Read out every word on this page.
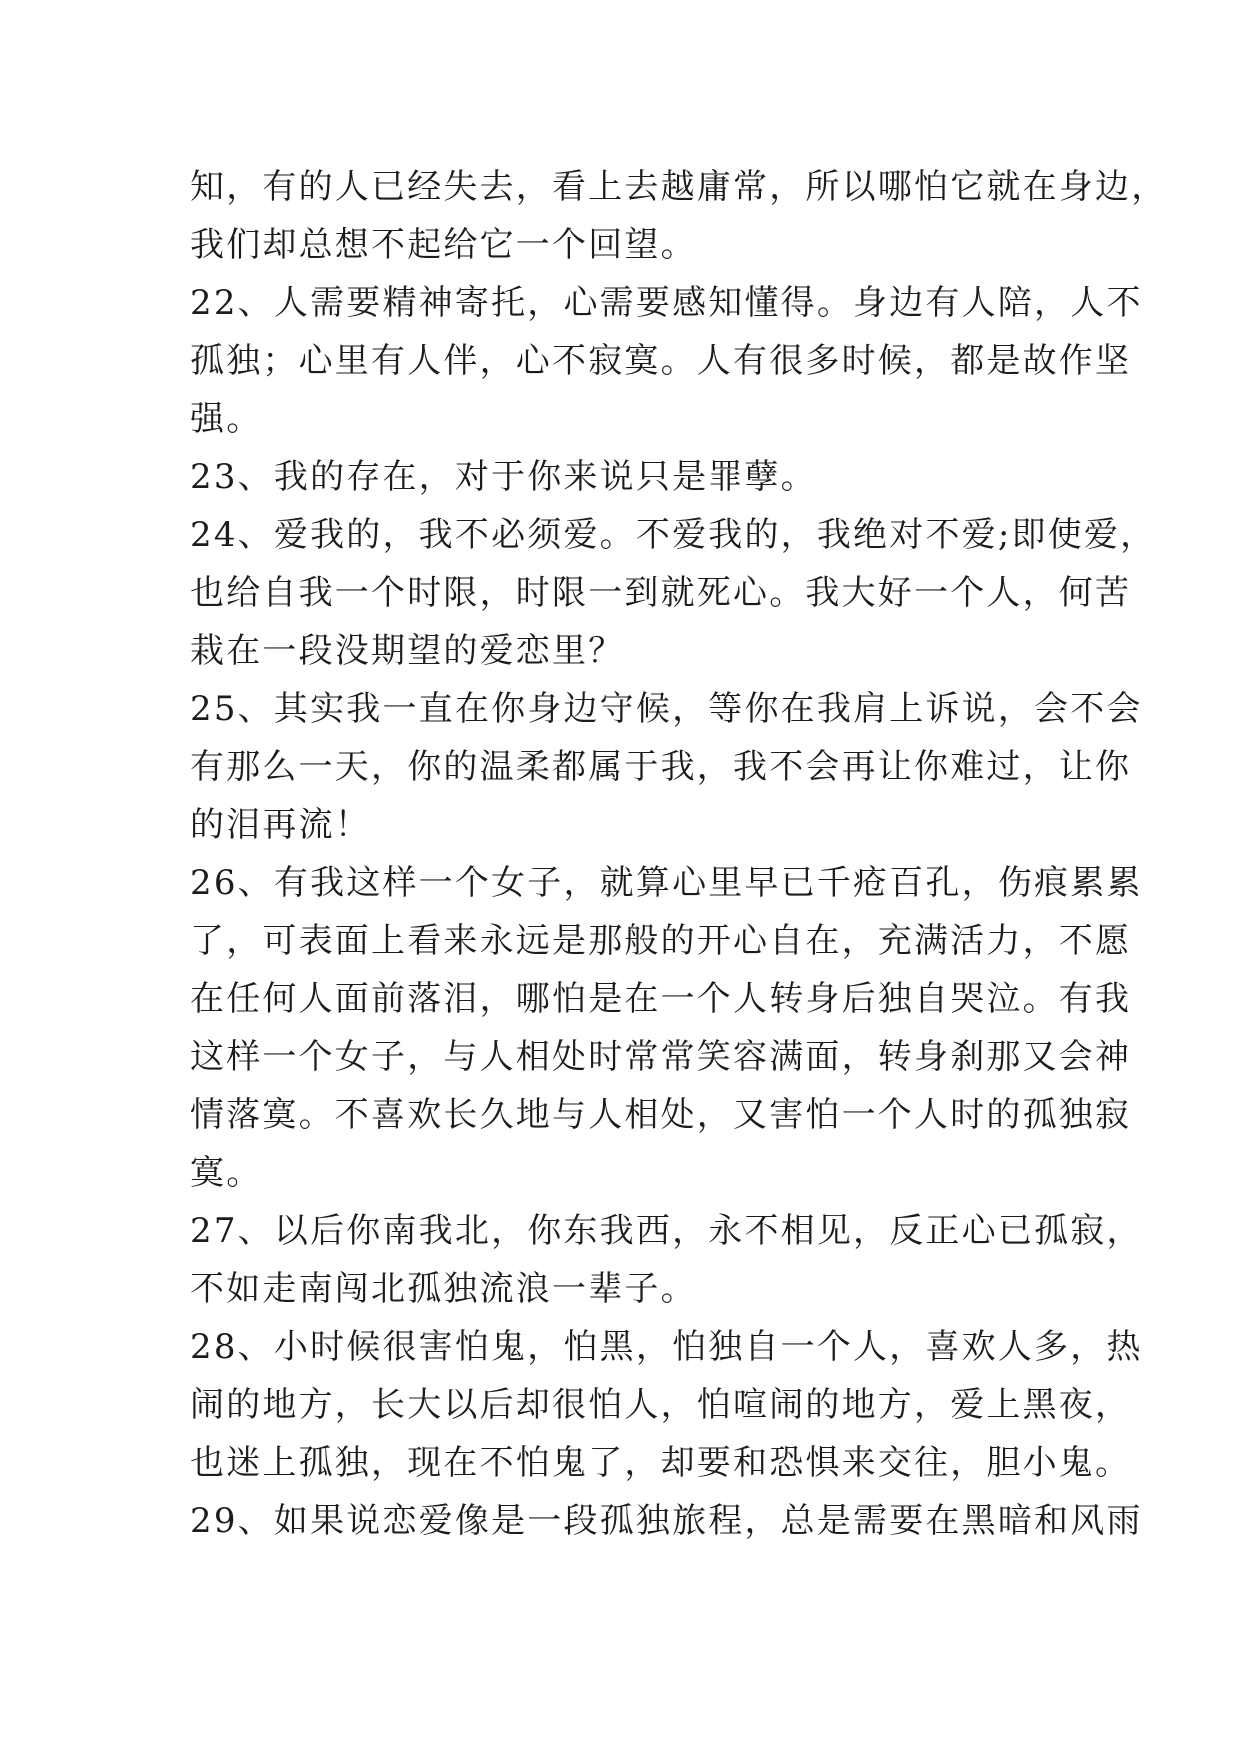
知，有的人已经失去，看上去越庸常，所以哪怕它就在身边，
我们却总想不起给它一个回望。
22、人需要精神寄托，心需要感知懂得。身边有人陪，人不
孤独；心里有人伴，心不寂寞。人有很多时候，都是故作坚
强。
23、我的存在，对于你来说只是罪孽。
24、爱我的，我不必须爱。不爱我的，我绝对不爱;即使爱，
也给自我一个时限，时限一到就死心。我大好一个人，何苦
栽在一段没期望的爱恋里？
25、其实我一直在你身边守候，等你在我肩上诉说，会不会
有那么一天，你的温柔都属于我，我不会再让你难过，让你
的泪再流！
26、有我这样一个女子，就算心里早已千疮百孔，伤痕累累
了，可表面上看来永远是那般的开心自在，充满活力，不愿
在任何人面前落泪，哪怕是在一个人转身后独自哭泣。有我
这样一个女子，与人相处时常常笑容满面，转身刹那又会神
情落寞。不喜欢长久地与人相处，又害怕一个人时的孤独寂
寞。
27、以后你南我北，你东我西，永不相见，反正心已孤寂，
不如走南闯北孤独流浪一辈子。
28、小时候很害怕鬼，怕黑，怕独自一个人，喜欢人多，热
闹的地方，长大以后却很怕人，怕喧闹的地方，爱上黑夜，
也迷上孤独，现在不怕鬼了，却要和恐惧来交往，胆小鬼。
29、如果说恋爱像是一段孤独旅程，总是需要在黑暗和风雨
